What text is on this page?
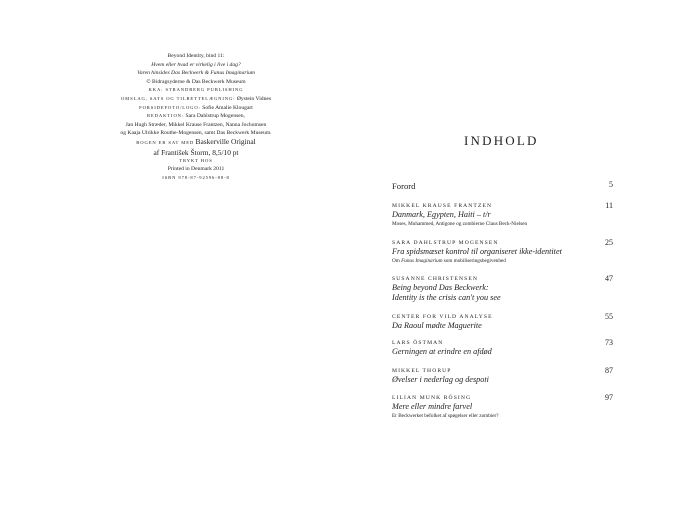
Beyond Identity, bind 11:
Hvem eller hvad er virkelig i live i dag?
Varen hinsides Das Beckwerk & Funus Imaginarium
© Bidragsyderne & Das Beckwerk Museum
KKA: STRANDBERG PUBLISHING
OMSLAG, SATS OG TILRETTELÆGNING: Øystein Vidnes
FORSIDEFOTO/LOGO: Sofie Amalie Klougart
REDAKTION: Sara Dahlstrup Mogensen,
Jan Hugh Stræder, Mikkel Krause Frantzen, Nanna Jochumsen
og Kaaja Ulrikke Routhe-Mogensen, samt Das Beckwerk Museum.
BOGEN ER SAT MED Baskerville Original
af František Štorm, 8,5/10 pt
TRYKT HOS
Printed in Denmark 2011
ISBN 978-87-92596-88-8
INDHOLD
Forord	5
MIKKEL KRAUSE FRANTZEN
Danmark, Egypten, Haiti – t/r
Moses, Muhammed, Antigone og zombierne Claus Beck-Nielsen
11
SARA DAHLSTRUP MOGENSEN
Fra spidsmæset kontrol til organiseret ikke-identitet
Om Funus Imaginarium som mobiliseringsbegivenhed
25
SUSANNE CHRISTENSEN
Being beyond Das Beckwerk:
Identity is the crisis can't you see
47
CENTER FOR VILD ANALYSE
Da Raoul mødte Maguerite
55
LARS ÖSTMAN
Gerningen at erindre en afdød
73
MIKKEL THORUP
Øvelser i nederlag og despoti
87
LILIAN MUNK RÖSING
Mere eller mindre farvel
Er Beckwerket befolket af spøgelser eller zombier?
97
